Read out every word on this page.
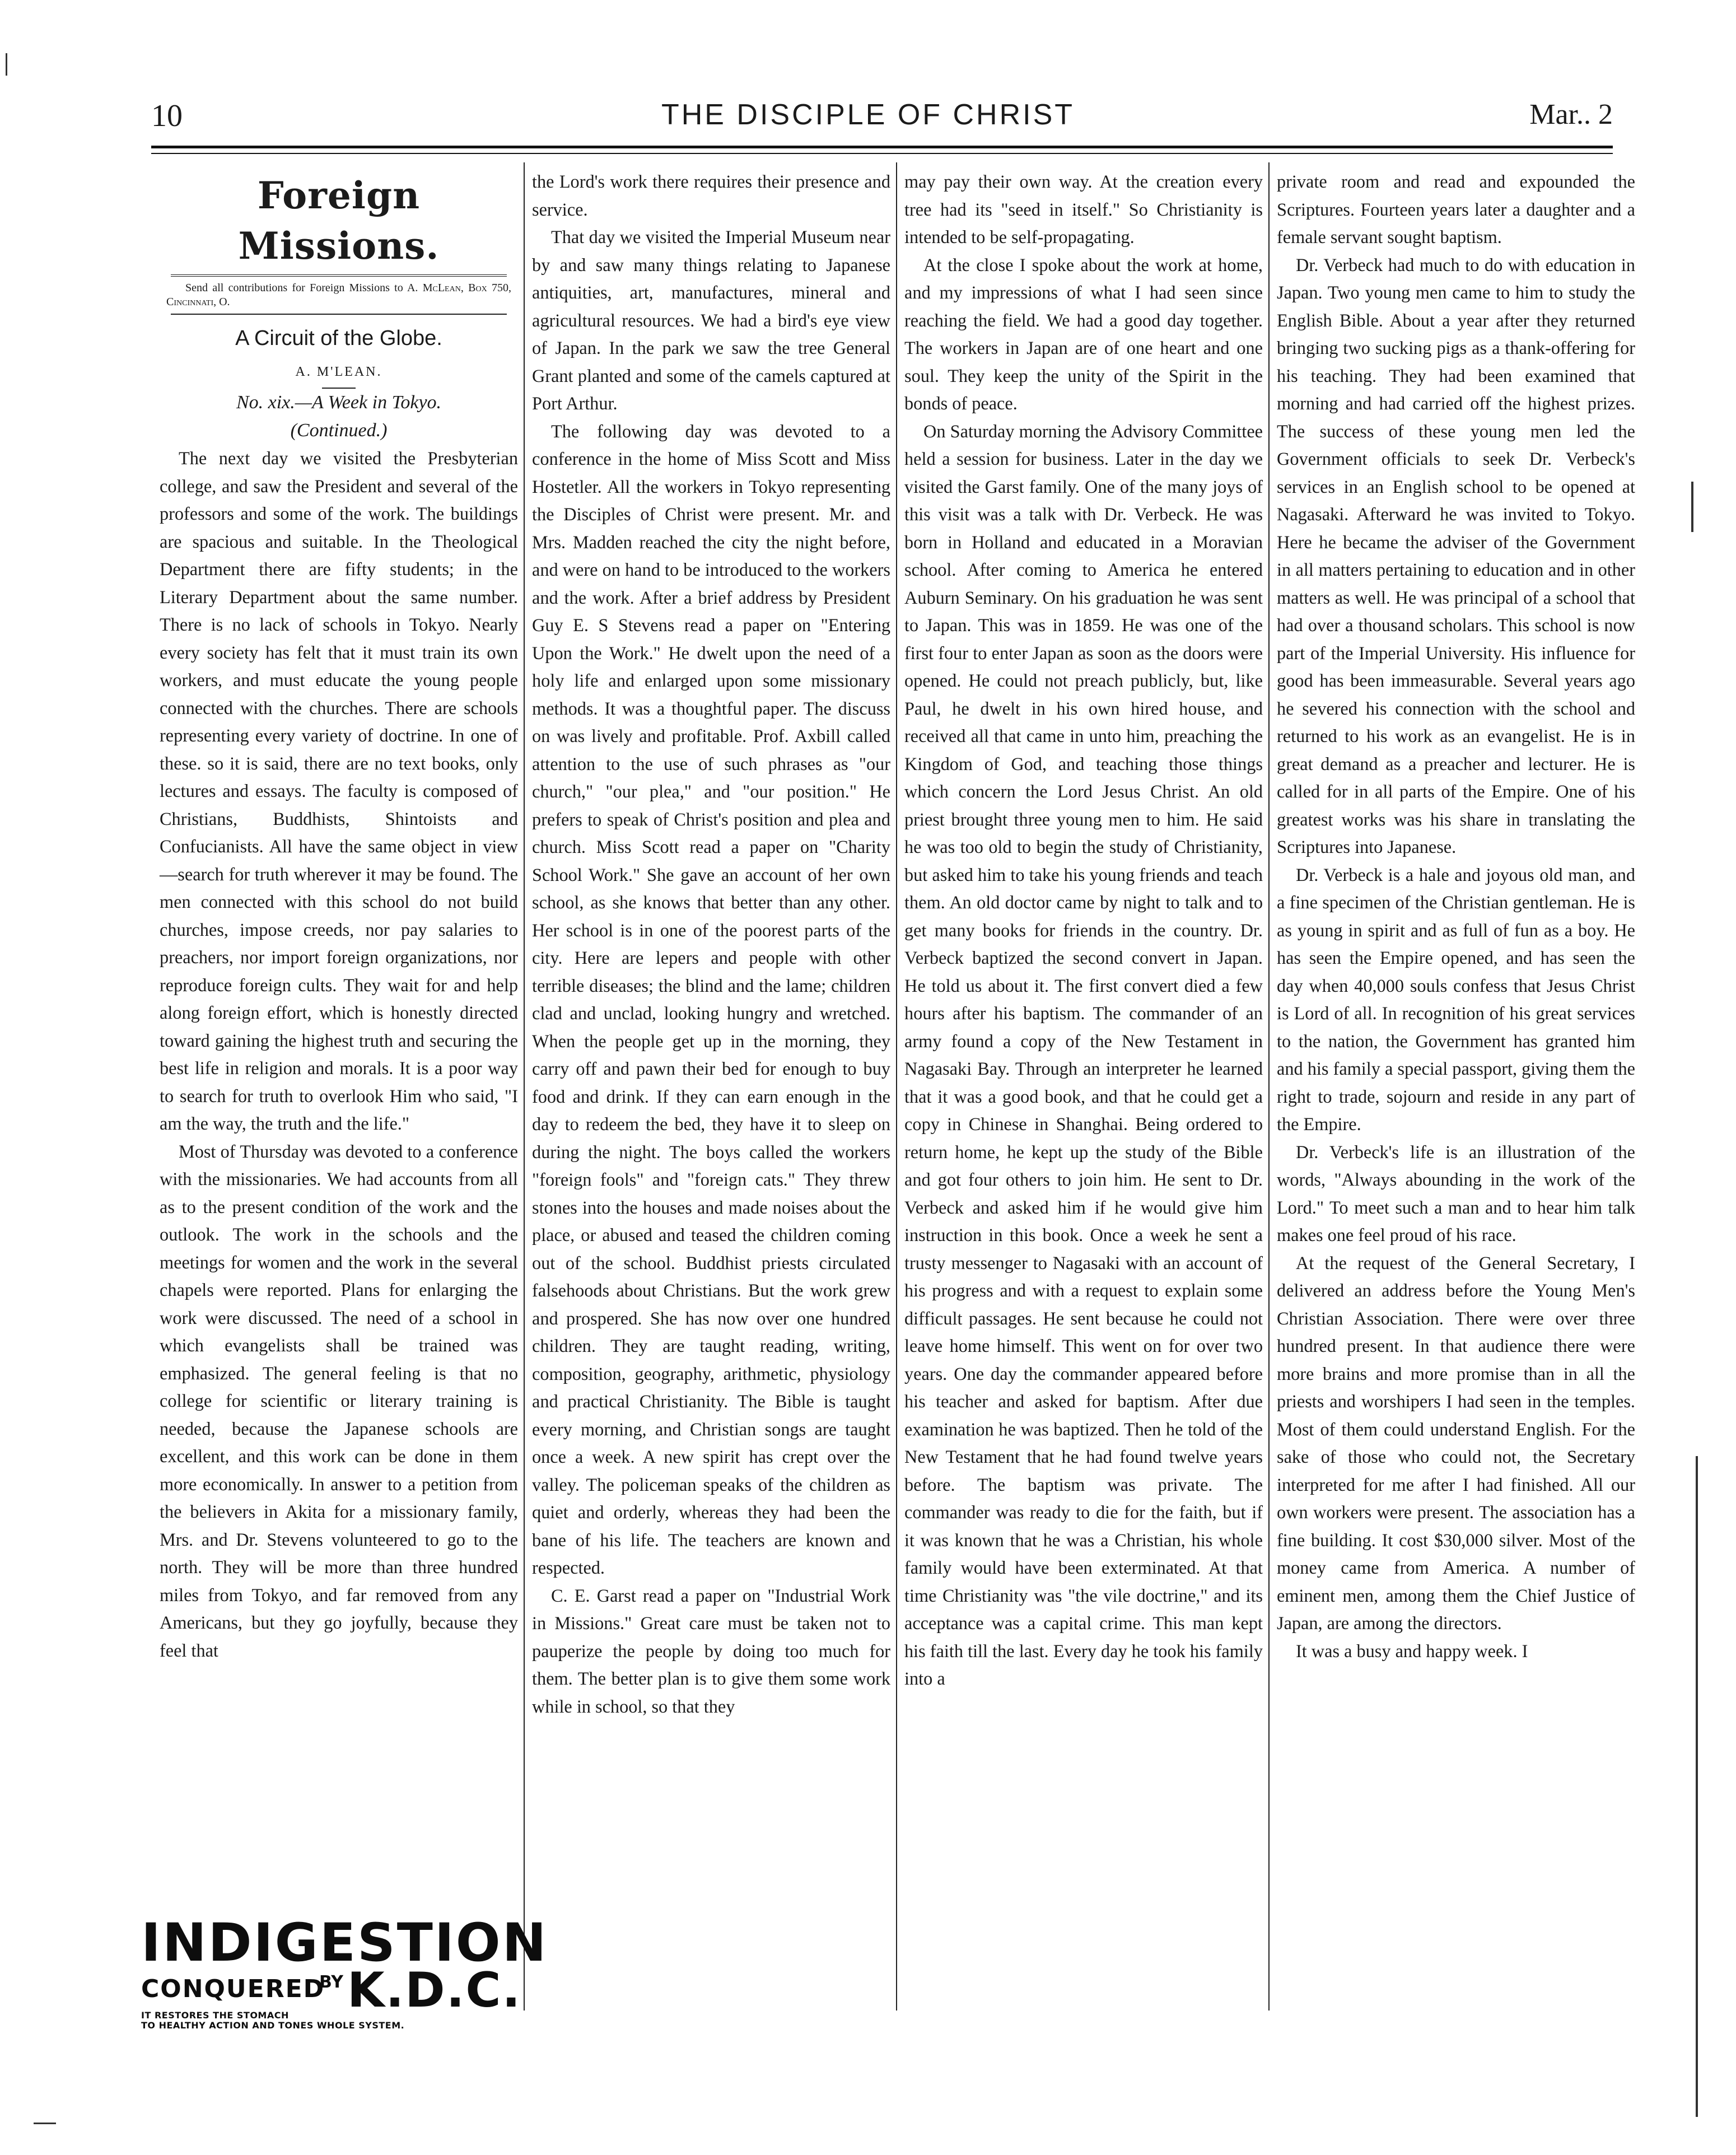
10	THE DISCIPLE OF CHRIST	Mar.. 2
Foreign Missions.
Send all contributions for Foreign Missions to A. McLean, Box 750, Cincinnati, O.
A Circuit of the Globe.
A. M'LEAN.
No. xix.—A Week in Tokyo.
(Continued.)

The next day we visited the Presbyterian college, and saw the President and several of the professors and some of the work. The buildings are spacious and suitable. In the Theological Department there are fifty students; in the Literary Department about the same number. There is no lack of schools in Tokyo. Nearly every society has felt that it must train its own workers, and must educate the young people connected with the churches. There are schools representing every variety of doctrine. In one of these. so it is said, there are no text books, only lectures and essays. The faculty is composed of Christians, Buddhists, Shintoists and Confucianists. All have the same object in view—search for truth wherever it may be found. The men connected with this school do not build churches, impose creeds, nor pay salaries to preachers, nor import foreign organizations, nor reproduce foreign cults. They wait for and help along foreign effort, which is honestly directed toward gaining the highest truth and securing the best life in religion and morals. It is a poor way to search for truth to overlook Him who said, "I am the way, the truth and the life."

Most of Thursday was devoted to a conference with the missionaries. We had accounts from all as to the present condition of the work and the outlook. The work in the schools and the meetings for women and the work in the several chapels were reported. Plans for enlarging the work were discussed. The need of a school in which evangelists shall be trained was emphasized. The general feeling is that no college for scientific or literary training is needed, because the Japanese schools are excellent, and this work can be done in them more economically. In answer to a petition from the believers in Akita for a missionary family, Mrs. and Dr. Stevens volunteered to go to the north. They will be more than three hundred miles from Tokyo, and far removed from any Americans, but they go joyfully, because they feel that

the Lord's work there requires their presence and service.

That day we visited the Imperial Museum near by and saw many things relating to Japanese antiquities, art, manufactures, mineral and agricultural resources. We had a bird's eye view of Japan. In the park we saw the tree General Grant planted and some of the camels captured at Port Arthur.

The following day was devoted to a conference in the home of Miss Scott and Miss Hostetler. All the workers in Tokyo representing the Disciples of Christ were present. Mr. and Mrs. Madden reached the city the night before, and were on hand to be introduced to the workers and the work. After a brief address by President Guy E. S Stevens read a paper on "Entering Upon the Work." He dwelt upon the need of a holy life and enlarged upon some missionary methods. It was a thoughtful paper. The discuss on was lively and profitable. Prof. Axbill called attention to the use of such phrases as "our church," "our plea," and "our position." He prefers to speak of Christ's position and plea and church. Miss Scott read a paper on "Charity School Work." She gave an account of her own school, as she knows that better than any other. Her school is in one of the poorest parts of the city. Here are lepers and people with other terrible diseases; the blind and the lame; children clad and unclad, looking hungry and wretched. When the people get up in the morning, they carry off and pawn their bed for enough to buy food and drink. If they can earn enough in the day to redeem the bed, they have it to sleep on during the night. The boys called the workers "foreign fools" and "foreign cats." They threw stones into the houses and made noises about the place, or abused and teased the children coming out of the school. Buddhist priests circulated falsehoods about Christians. But the work grew and prospered. She has now over one hundred children. They are taught reading, writing, composition, geography, arithmetic, physiology and practical Christianity. The Bible is taught every morning, and Christian songs are taught once a week. A new spirit has crept over the valley. The policeman speaks of the children as quiet and orderly, whereas they had been the bane of his life. The teachers are known and respected.

C. E. Garst read a paper on "Industrial Work in Missions." Great care must be taken not to pauperize the people by doing too much for them. The better plan is to give them some work while in school, so that they

may pay their own way. At the creation every tree had its "seed in itself." So Christianity is intended to be self-propagating.

At the close I spoke about the work at home, and my impressions of what I had seen since reaching the field. We had a good day together. The workers in Japan are of one heart and one soul. They keep the unity of the Spirit in the bonds of peace.

On Saturday morning the Advisory Committee held a session for business. Later in the day we visited the Garst family. One of the many joys of this visit was a talk with Dr. Verbeck. He was born in Holland and educated in a Moravian school. After coming to America he entered Auburn Seminary. On his graduation he was sent to Japan. This was in 1859. He was one of the first four to enter Japan as soon as the doors were opened. He could not preach publicly, but, like Paul, he dwelt in his own hired house, and received all that came in unto him, preaching the Kingdom of God, and teaching those things which concern the Lord Jesus Christ. An old priest brought three young men to him. He said he was too old to begin the study of Christianity, but asked him to take his young friends and teach them. An old doctor came by night to talk and to get many books for friends in the country. Dr. Verbeck baptized the second convert in Japan. He told us about it. The first convert died a few hours after his baptism. The commander of an army found a copy of the New Testament in Nagasaki Bay. Through an interpreter he learned that it was a good book, and that he could get a copy in Chinese in Shanghai. Being ordered to return home, he kept up the study of the Bible and got four others to join him. He sent to Dr. Verbeck and asked him if he would give him instruction in this book. Once a week he sent a trusty messenger to Nagasaki with an account of his progress and with a request to explain some difficult passages. He sent because he could not leave home himself. This went on for over two years. One day the commander appeared before his teacher and asked for baptism. After due examination he was baptized. Then he told of the New Testament that he had found twelve years before. The baptism was private. The commander was ready to die for the faith, but if it was known that he was a Christian, his whole family would have been exterminated. At that time Christianity was "the vile doctrine," and its acceptance was a capital crime. This man kept his faith till the last. Every day he took his family into a

private room and read and expounded the Scriptures. Fourteen years later a daughter and a female servant sought baptism.

Dr. Verbeck had much to do with education in Japan. Two young men came to him to study the English Bible. About a year after they returned bringing two sucking pigs as a thank-offering for his teaching. They had been examined that morning and had carried off the highest prizes. The success of these young men led the Government officials to seek Dr. Verbeck's services in an English school to be opened at Nagasaki. Afterward he was invited to Tokyo. Here he became the adviser of the Government in all matters pertaining to education and in other matters as well. He was principal of a school that had over a thousand scholars. This school is now part of the Imperial University. His influence for good has been immeasurable. Several years ago he severed his connection with the school and returned to his work as an evangelist. He is in great demand as a preacher and lecturer. He is called for in all parts of the Empire. One of his greatest works was his share in translating the Scriptures into Japanese.

Dr. Verbeck is a hale and joyous old man, and a fine specimen of the Christian gentleman. He is as young in spirit and as full of fun as a boy. He has seen the Empire opened, and has seen the day when 40,000 souls confess that Jesus Christ is Lord of all. In recognition of his great services to the nation, the Government has granted him and his family a special passport, giving them the right to trade, sojourn and reside in any part of the Empire.

Dr. Verbeck's life is an illustration of the words, "Always abounding in the work of the Lord." To meet such a man and to hear him talk makes one feel proud of his race.

At the request of the General Secretary, I delivered an address before the Young Men's Christian Association. There were over three hundred present. In that audience there were more brains and more promise than in all the priests and worshipers I had seen in the temples. Most of them could understand English. For the sake of those who could not, the Secretary interpreted for me after I had finished. All our own workers were present. The association has a fine building. It cost $30,000 silver. Most of the money came from America. A number of eminent men, among them the Chief Justice of Japan, are among the directors.

It was a busy and happy week. I

INDIGESTION
CONQUERED
BY K.D.C.
IT RESTORES THE STOMACH
TO HEALTHY ACTION AND TONES WHOLE SYSTEM.
